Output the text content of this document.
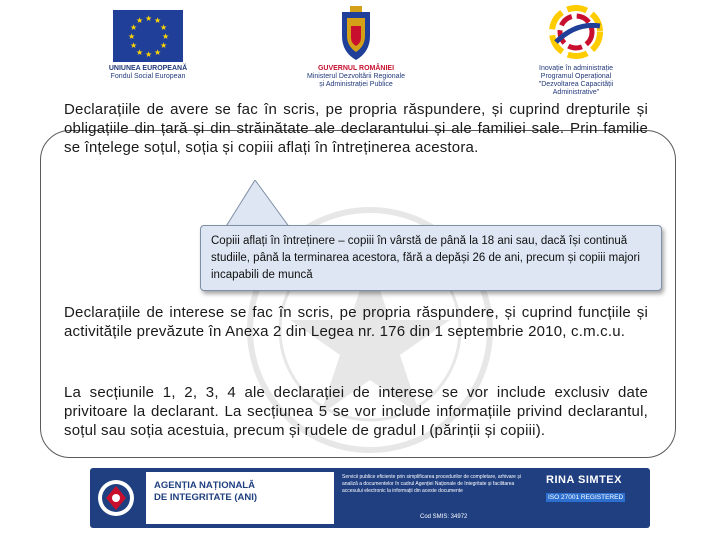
★ ★
★
★
★
★
★
★
★
★
★
★
UNIUNEA EUROPEANĂ
Fondul Social European
GUVERNUL ROMÂNIEI
Ministerul Dezvoltării Regionale
și Administrației Publice
Inovație în administrație
Programul Operațional
"Dezvoltarea Capacității
Administrative"
Declarațiile de avere se fac în scris, pe propria răspundere, și cuprind drepturile și obligațiile din țară și din străinătate ale declarantului și ale familiei sale. Prin familie se înțelege soțul, soția și copiii aflați în întreținerea acestora.
Copiii aflați în întreținere – copiii în vârstă de până la 18 ani sau, dacă își continuă studiile, până la terminarea acestora, fără a depăși 26 de ani, precum și copiii majori incapabili de muncă
Declarațiile de interese se fac în scris, pe propria răspundere, și cuprind funcțiile și activitățile prevăzute în Anexa 2 din Legea nr. 176 din 1 septembrie 2010, c.m.c.u.
La secțiunile 1, 2, 3, 4 ale declarației de interese se vor include exclusiv date privitoare la declarant. La secțiunea 5 se vor include informațiile privind declarantul, soțul sau soția acestuia, precum și rudele de gradul I (părinții și copiii).
AGENȚIA NAȚIONALĂ
DE INTEGRITATE (ANI)
Servicii publice eficiente prin simplificarea procedurilor de completare, arhivare și analiză a documentelor în cadrul Agenției Naționale de Integritate și facilitarea accesului electronic la informații din aceste documente
Cod SMIS: 34972
RINA SIMTEX
ISO 27001 REGISTERED
